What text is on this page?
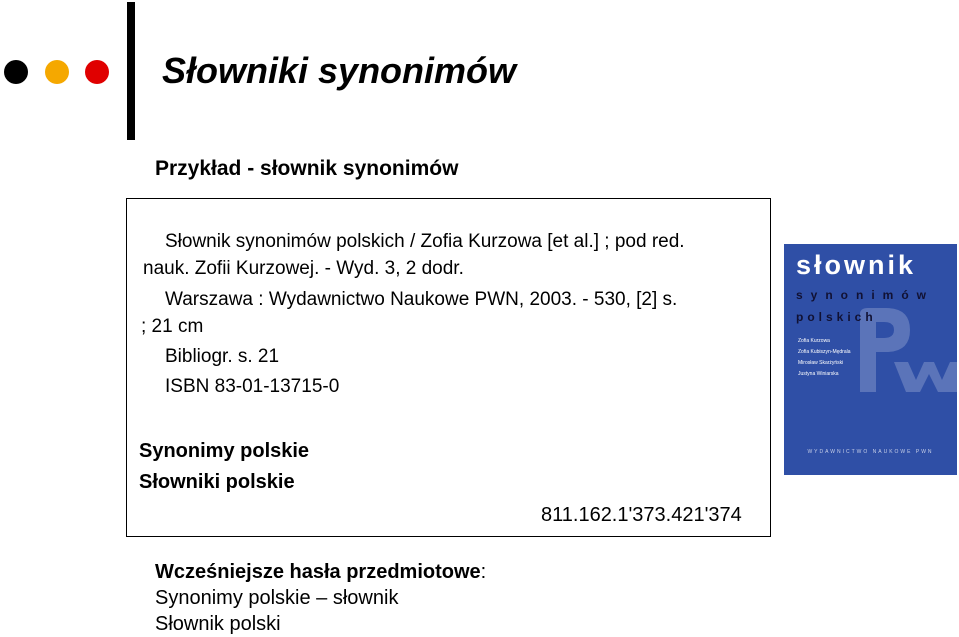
Słowniki synonimów
Przykład - słownik synonimów
Słownik synonimów polskich / Zofia Kurzowa [et al.] ; pod red.
nauk. Zofii Kurzowej. - Wyd. 3, 2 dodr.
Warszawa : Wydawnictwo Naukowe PWN, 2003. - 530, [2] s.
; 21 cm
Bibliogr. s. 21
ISBN 83-01-13715-0
Synonimy polskie
Słowniki polskie
811.162.1'373.421'374
słownik
synonimów
polskich
Zofia Kurzowa
Zofia Kubiszyn-Mędrala
Mirosław Skarżyński
Justyna Winiarska
WYDAWNICTWO NAUKOWE PWN
Wcześniejsze hasła przedmiotowe:
Synonimy polskie – słownik
Słownik polski
